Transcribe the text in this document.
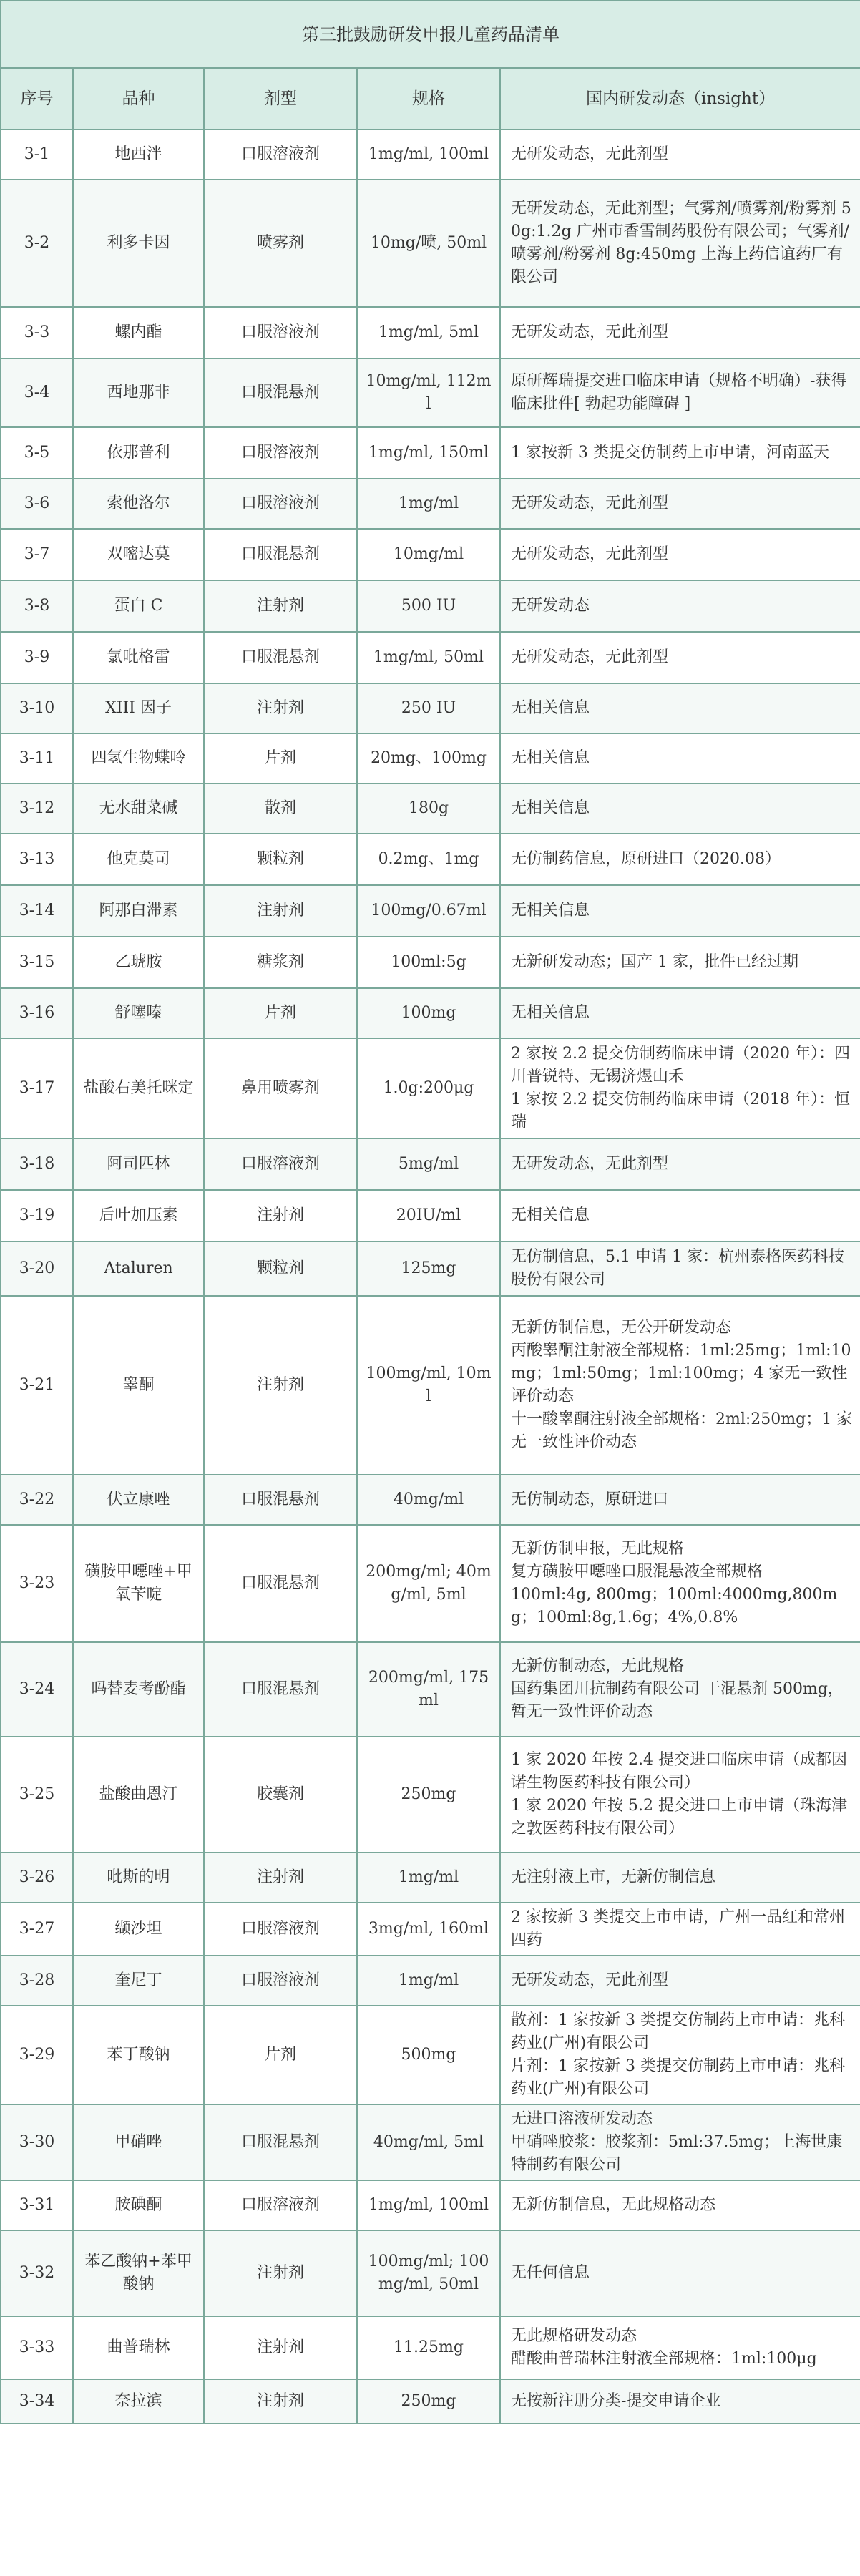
第三批鼓励研发申报儿童药品清单				
序号	品种	剂型	规格	国内研发动态（insight）
3-1	地西泮	口服溶液剂	1mg/ml, 100ml	无研发动态，无此剂型
3-2	利多卡因	喷雾剂	10mg/喷, 50ml	无研发动态，无此剂型；气雾剂/喷雾剂/粉雾剂 50g:1.2g 广州市香雪制药股份有限公司；气雾剂/喷雾剂/粉雾剂 8g:450mg 上海上药信谊药厂有限公司
3-3	螺内酯	口服溶液剂	1mg/ml, 5ml	无研发动态，无此剂型
3-4	西地那非	口服混悬剂	10mg/ml, 112ml	原研辉瑞提交进口临床申请（规格不明确）-获得临床批件[ 勃起功能障碍 ]
3-5	依那普利	口服溶液剂	1mg/ml, 150ml	1 家按新 3 类提交仿制药上市申请，河南蓝天
3-6	索他洛尔	口服溶液剂	1mg/ml	无研发动态，无此剂型
3-7	双嘧达莫	口服混悬剂	10mg/ml	无研发动态，无此剂型
3-8	蛋白 C	注射剂	500 IU	无研发动态
3-9	氯吡格雷	口服混悬剂	1mg/ml, 50ml	无研发动态，无此剂型
3-10	XIII 因子	注射剂	250 IU	无相关信息
3-11	四氢生物蝶呤	片剂	20mg、100mg	无相关信息
3-12	无水甜菜碱	散剂	180g	无相关信息
3-13	他克莫司	颗粒剂	0.2mg、1mg	无仿制药信息，原研进口（2020.08）
3-14	阿那白滞素	注射剂	100mg/0.67ml	无相关信息
3-15	乙琥胺	糖浆剂	100ml:5g	无新研发动态；国产 1 家，批件已经过期
3-16	舒噻嗪	片剂	100mg	无相关信息
3-17	盐酸右美托咪定	鼻用喷雾剂	1.0g:200μg	2 家按 2.2 提交仿制药临床申请（2020 年）：四川普锐特、无锡济煜山禾
1 家按 2.2 提交仿制药临床申请（2018 年）：恒瑞

3-18	阿司匹林	口服溶液剂	5mg/ml	无研发动态，无此剂型
3-19	后叶加压素	注射剂	20IU/ml	无相关信息
3-20	Ataluren	颗粒剂	125mg	无仿制信息，5.1 申请 1 家：杭州泰格医药科技股份有限公司
3-21	睾酮	注射剂	100mg/ml, 10ml	无新仿制信息，无公开研发动态
丙酸睾酮注射液全部规格：1ml:25mg；1ml:10mg；1ml:50mg；1ml:100mg；4 家无一致性评价动态
十一酸睾酮注射液全部规格：2ml:250mg；1 家无一致性评价动态

3-22	伏立康唑	口服混悬剂	40mg/ml	无仿制动态，原研进口
3-23	磺胺甲噁唑+甲氧苄啶	口服混悬剂	200mg/ml; 40mg/ml, 5ml	无新仿制申报，无此规格
复方磺胺甲噁唑口服混悬液全部规格
100ml:4g, 800mg；100ml:4000mg,800mg；100ml:8g,1.6g；4%,0.8%

3-24	吗替麦考酚酯	口服混悬剂	200mg/ml, 175ml	无新仿制动态，无此规格
国药集团川抗制药有限公司 干混悬剂 500mg，暂无一致性评价动态

3-25	盐酸曲恩汀	胶囊剂	250mg	1 家 2020 年按 2.4 提交进口临床申请（成都因诺生物医药科技有限公司）
1 家 2020 年按 5.2 提交进口上市申请（珠海津之敦医药科技有限公司）

3-26	吡斯的明	注射剂	1mg/ml	无注射液上市，无新仿制信息
3-27	缬沙坦	口服溶液剂	3mg/ml, 160ml	2 家按新 3 类提交上市申请，广州一品红和常州四药
3-28	奎尼丁	口服溶液剂	1mg/ml	无研发动态，无此剂型
3-29	苯丁酸钠	片剂	500mg	散剂：1 家按新 3 类提交仿制药上市申请：兆科药业(广州)有限公司
片剂：1 家按新 3 类提交仿制药上市申请：兆科药业(广州)有限公司

3-30	甲硝唑	口服混悬剂	40mg/ml, 5ml	无进口溶液研发动态
甲硝唑胶浆：胶浆剂：5ml:37.5mg；上海世康特制药有限公司

3-31	胺碘酮	口服溶液剂	1mg/ml, 100ml	无新仿制信息，无此规格动态
3-32	苯乙酸钠+苯甲酸钠	注射剂	100mg/ml; 100mg/ml, 50ml	无任何信息
3-33	曲普瑞林	注射剂	11.25mg	无此规格研发动态
醋酸曲普瑞林注射液全部规格：1ml:100μg

3-34	奈拉滨	注射剂	250mg	无按新注册分类-提交申请企业
